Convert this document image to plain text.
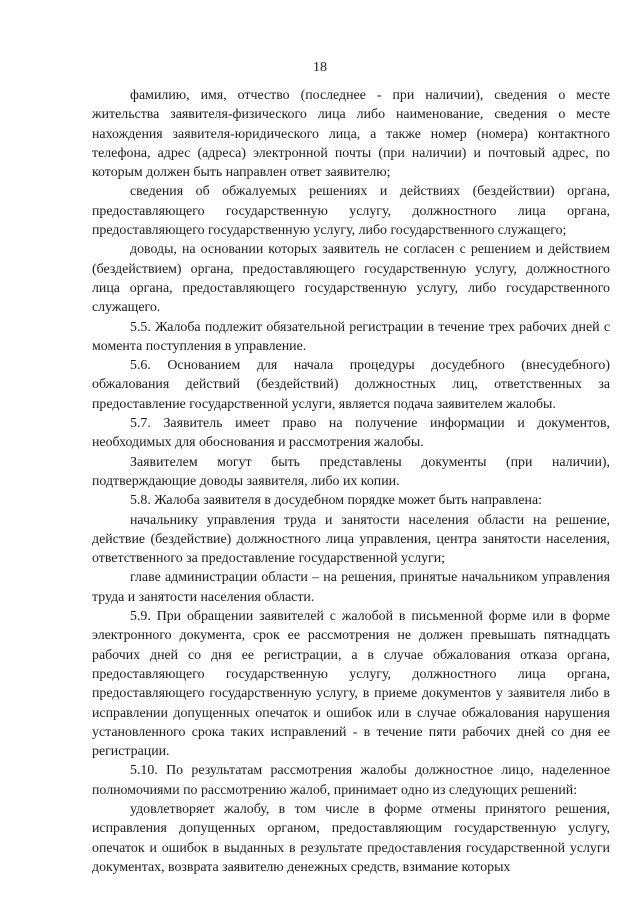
18

фамилию, имя, отчество (последнее - при наличии), сведения о месте жительства заявителя-физического лица либо наименование, сведения о месте нахождения заявителя-юридического лица, а также номер (номера) контактного телефона, адрес (адреса) электронной почты (при наличии) и почтовый адрес, по которым должен быть направлен ответ заявителю;

сведения об обжалуемых решениях и действиях (бездействии) органа, предоставляющего государственную услугу, должностного лица органа, предоставляющего государственную услугу, либо государственного служащего;

доводы, на основании которых заявитель не согласен с решением и действием (бездействием) органа, предоставляющего государственную услугу, должностного лица органа, предоставляющего государственную услугу, либо государственного служащего.

5.5. Жалоба подлежит обязательной регистрации в течение трех рабочих дней с момента поступления в управление.

5.6. Основанием для начала процедуры досудебного (внесудебного) обжалования действий (бездействий) должностных лиц, ответственных за предоставление государственной услуги, является подача заявителем жалобы.

5.7. Заявитель имеет право на получение информации и документов, необходимых для обоснования и рассмотрения жалобы.

Заявителем могут быть представлены документы (при наличии), подтверждающие доводы заявителя, либо их копии.

5.8. Жалоба заявителя в досудебном порядке может быть направлена:

начальнику управления труда и занятости населения области на решение, действие (бездействие) должностного лица управления, центра занятости населения, ответственного за предоставление государственной услуги;

главе администрации области – на решения, принятые начальником управления труда и занятости населения области.

5.9. При обращении заявителей с жалобой в письменной форме или в форме электронного документа, срок ее рассмотрения не должен превышать пятнадцать рабочих дней со дня ее регистрации, а в случае обжалования отказа органа, предоставляющего государственную услугу, должностного лица органа, предоставляющего государственную услугу, в приеме документов у заявителя либо в исправлении допущенных опечаток и ошибок или в случае обжалования нарушения установленного срока таких исправлений - в течение пяти рабочих дней со дня ее регистрации.

5.10. По результатам рассмотрения жалобы должностное лицо, наделенное полномочиями по рассмотрению жалоб, принимает одно из следующих решений:

удовлетворяет жалобу, в том числе в форме отмены принятого решения, исправления допущенных органом, предоставляющим государственную услугу, опечаток и ошибок в выданных в результате предоставления государственной услуги документах, возврата заявителю денежных средств, взимание которых
